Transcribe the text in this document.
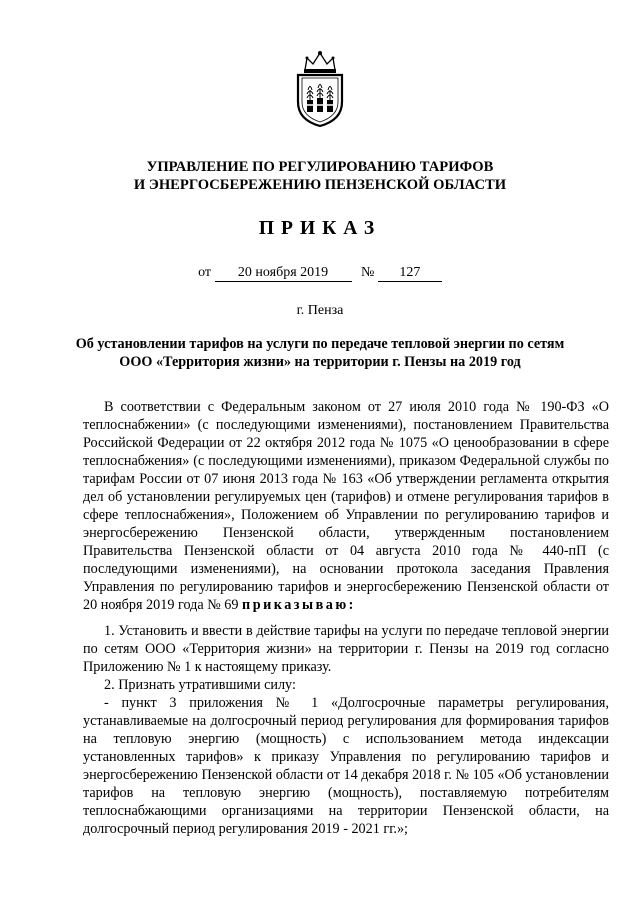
УПРАВЛЕНИЕ ПО РЕГУЛИРОВАНИЮ ТАРИФОВ
И ЭНЕРГОСБЕРЕЖЕНИЮ ПЕНЗЕНСКОЙ ОБЛАСТИ
ПРИКАЗ
от 20 ноября 2019 № 127
г. Пенза
Об установлении тарифов на услуги по передаче тепловой энергии по сетям
ООО «Территория жизни» на территории г. Пензы на 2019 год

В соответствии с Федеральным законом от 27 июля 2010 года № 190-ФЗ «О теплоснабжении» (с последующими изменениями), постановлением Правительства Российской Федерации от 22 октября 2012 года № 1075 «О ценообразовании в сфере теплоснабжения» (с последующими изменениями), приказом Федеральной службы по тарифам России от 07 июня 2013 года № 163 «Об утверждении регламента открытия дел об установлении регулируемых цен (тарифов) и отмене регулирования тарифов в сфере теплоснабжения», Положением об Управлении по регулированию тарифов и энергосбережению Пензенской области, утвержденным постановлением Правительства Пензенской области от 04 августа 2010 года № 440-пП (с последующими изменениями), на основании протокола заседания Правления Управления по регулированию тарифов и энергосбережению Пензенской области от 20 ноября 2019 года № 69 приказываю:

1. Установить и ввести в действие тарифы на услуги по передаче тепловой энергии по сетям ООО «Территория жизни» на территории г. Пензы на 2019 год согласно Приложению № 1 к настоящему приказу.

2. Признать утратившими силу:

- пункт 3 приложения № 1 «Долгосрочные параметры регулирования, устанавливаемые на долгосрочный период регулирования для формирования тарифов на тепловую энергию (мощность) с использованием метода индексации установленных тарифов» к приказу Управления по регулированию тарифов и энергосбережению Пензенской области от 14 декабря 2018 г. № 105 «Об установлении тарифов на тепловую энергию (мощность), поставляемую потребителям теплоснабжающими организациями на территории Пензенской области, на долгосрочный период регулирования 2019 - 2021 гг.»;
